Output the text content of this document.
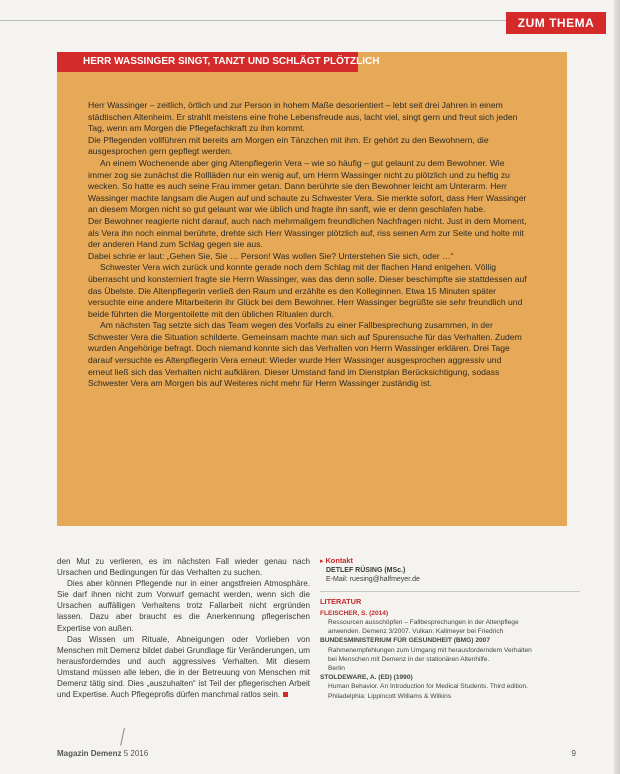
ZUM THEMA
HERR WASSINGER SINGT, TANZT UND SCHLÄGT PLÖTZLICH

Herr Wassinger – zeitlich, örtlich und zur Person in hohem Maße desorientiert – lebt seit drei Jahren in einem städtischen Altenheim. Er strahlt meistens eine frohe Lebensfreude aus, lacht viel, singt gern und freut sich jeden Tag, wenn am Morgen die Pflegefachkraft zu ihm kommt.

Die Pflegenden vollführen mit bereits am Morgen ein Tänzchen mit ihm. Er gehört zu den Bewohnern, die ausgesprochen gern gepflegt werden.

An einem Wochenende aber ging Altenpflegerin Vera – wie so häufig – gut gelaunt zu dem Bewohner. Wie immer zog sie zunächst die Rollläden nur ein wenig auf, um Herrn Wassinger nicht zu plötzlich und zu heftig zu wecken. So hatte es auch seine Frau immer getan. Dann berührte sie den Bewohner leicht am Unterarm. Herr Wassinger machte langsam die Augen auf und schaute zu Schwester Vera. Sie merkte sofort, dass Herr Wassinger an diesem Morgen nicht so gut gelaunt war wie üblich und fragte ihn sanft, wie er denn geschlafen habe.

Der Bewohner reagierte nicht darauf, auch nach mehrmaligem freundlichen Nachfragen nicht. Just in dem Moment, als Vera ihn noch einmal berührte, drehte sich Herr Wassinger plötzlich auf, riss seinen Arm zur Seite und holte mit der anderen Hand zum Schlag gegen sie aus.

Dabei schrie er laut: „Gehen Sie, Sie … Person! Was wollen Sie? Unterstehen Sie sich, oder …“

Schwester Vera wich zurück und konnte gerade noch dem Schlag mit der flachen Hand entgehen. Völlig überrascht und konsterniert fragte sie Herrn Wassinger, was das denn solle. Dieser beschimpfte sie stattdessen auf das Übelste. Die Altenpflegerin verließ den Raum und erzählte es den Kolleginnen. Etwa 15 Minuten später versuchte eine andere Mitarbeiterin ihr Glück bei dem Bewohner. Herr Wassinger begrüßte sie sehr freundlich und beide führten die Morgentoilette mit den üblichen Ritualen durch.

Am nächsten Tag setzte sich das Team wegen des Vorfalls zu einer Fallbesprechung zusammen, in der Schwester Vera die Situation schilderte. Gemeinsam machte man sich auf Spurensuche für das Verhalten. Zudem wurden Angehörige befragt. Doch niemand konnte sich das Verhalten von Herrn Wassinger erklären. Drei Tage darauf versuchte es Altenpflegerin Vera erneut: Wieder wurde Herr Wassinger ausgesprochen aggressiv und erneut ließ sich das Verhalten nicht aufklären. Dieser Umstand fand im Dienstplan Berücksichtigung, sodass Schwester Vera am Morgen bis auf Weiteres nicht mehr für Herrn Wassinger zuständig ist.

den Mut zu verlieren, es im nächsten Fall wieder genau nach Ursachen und Bedingungen für das Verhalten zu suchen.

Dies aber können Pflegende nur in einer angstfreien Atmosphäre. Sie darf ihnen nicht zum Vorwurf gemacht werden, wenn sich die Ursachen auffälligen Verhaltens trotz Fallarbeit nicht ergründen lassen. Dazu aber braucht es die Anerkennung pflegerischen Expertise von außen.

Das Wissen um Rituale, Abneigungen oder Vorlieben von Menschen mit Demenz bildet dabei Grundlage für Veränderungen, um herausforderndes und auch aggressives Verhalten. Mit diesem Umstand müssen alle leben, die in der Betreuung von Menschen mit Demenz tätig sind. Dies „auszuhalten“ ist Teil der pflegerischen Arbeit und Expertise. Auch Pflegeprofis dürfen manchmal ratlos sein.

▸ Kontakt
DETLEF RÜSING (MSc.)
E-Mail: ruesing@halfmeyer.de
LITERATUR
FLEISCHER, S. (2014)
Ressourcen ausschöpfen – Fallbesprechungen in der Altenpflege
anwenden. Demenz 3/2007. Vulkan: Kallmeyer bei Friedrich
BUNDESMINISTERIUM FÜR GESUNDHEIT (BMG) 2007
Rahmenempfehlungen zum Umgang mit herausforderndem Verhalten
bei Menschen mit Demenz in der stationären Altenhilfe.
Berlin
STOLDEWARE, A. (ED) (1990)
Human Behavior. An Introduction for Medical Students. Third edition.
Philadelphia: Lippincott Williams & Wilkins
Magazin Demenz 5 2016	9
